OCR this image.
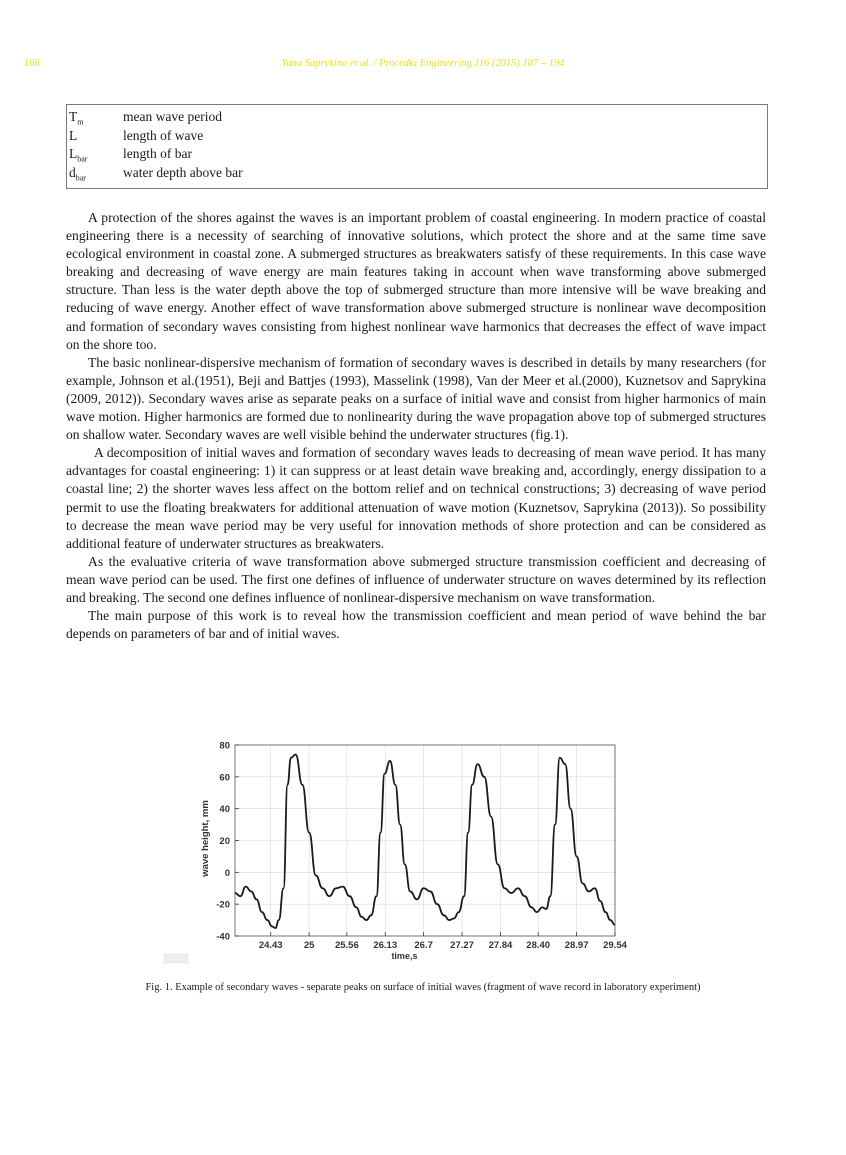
188	Yana Saprykina et al. / Procedia Engineering 116 (2015) 187 – 194
$T_m$	mean wave period
L	length of wave
$L_{bar}$	length of bar
$d_{bar}$	water depth above bar

A protection of the shores against the waves is an important problem of coastal engineering. In modern practice of coastal engineering there is a necessity of searching of innovative solutions, which protect the shore and at the same time save ecological environment in coastal zone. A submerged structures as breakwaters satisfy of these requirements. In this case wave breaking and decreasing of wave energy are main features taking in account when wave transforming above submerged structure. Than less is the water depth above the top of submerged structure than more intensive will be wave breaking and reducing of wave energy. Another effect of wave transformation above submerged structure is nonlinear wave decomposition and formation of secondary waves consisting from highest nonlinear wave harmonics that decreases the effect of wave impact on the shore too.

The basic nonlinear-dispersive mechanism of formation of secondary waves is described in details by many researchers (for example, Johnson et al.(1951), Beji and Battjes (1993), Masselink (1998), Van der Meer et al.(2000), Kuznetsov and Saprykina (2009, 2012)). Secondary waves arise as separate peaks on a surface of initial wave and consist from higher harmonics of main wave motion. Higher harmonics are formed due to nonlinearity during the wave propagation above top of submerged structures on shallow water. Secondary waves are well visible behind the underwater structures (fig.1).

A decomposition of initial waves and formation of secondary waves leads to decreasing of mean wave period. It has many advantages for coastal engineering: 1) it can suppress or at least detain wave breaking and, accordingly, energy dissipation to a coastal line; 2) the shorter waves less affect on the bottom relief and on technical constructions; 3) decreasing of wave period permit to use the floating breakwaters for additional attenuation of wave motion (Kuznetsov, Saprykina (2013)). So possibility to decrease the mean wave period may be very useful for innovation methods of shore protection and can be considered as additional feature of underwater structures as breakwaters.

As the evaluative criteria of wave transformation above submerged structure transmission coefficient and decreasing of mean wave period can be used. The first one defines of influence of underwater structure on waves determined by its reflection and breaking. The second one defines influence of nonlinear-dispersive mechanism on wave transformation.

The main purpose of this work is to reveal how the transmission coefficient and mean period of wave behind the bar depends on parameters of bar and of initial waves.

-40
-20
0
20
40
60
80
24.43 25 25.56 26.13 26.7 27.27 27.84 28.40 28.97 29.54
time,s
wave height, mm
Fig. 1. Example of secondary waves - separate peaks on surface of initial waves (fragment of wave record in laboratory experiment)
